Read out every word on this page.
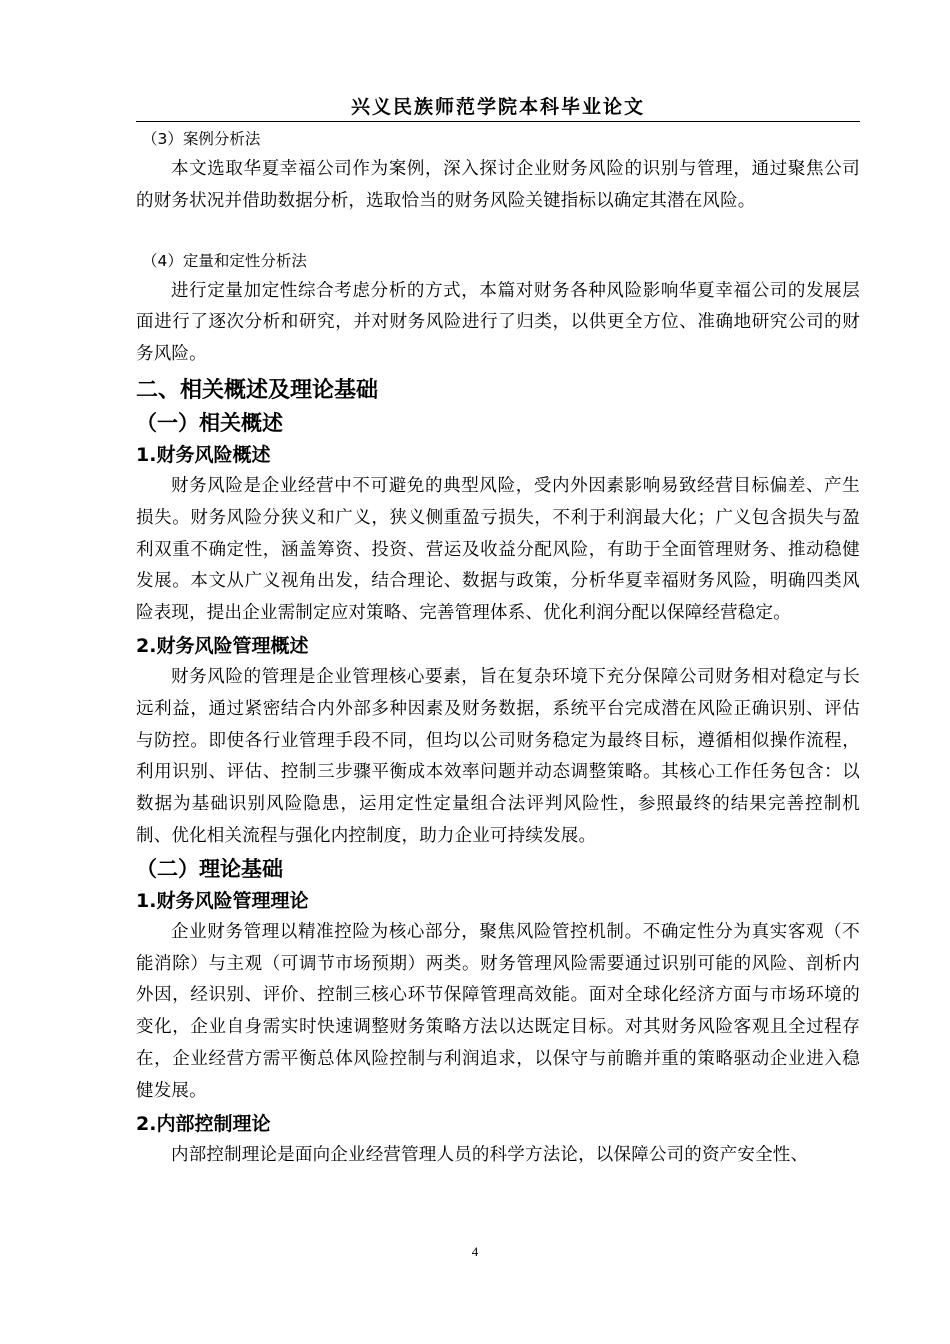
兴义民族师范学院本科毕业论文

（3）案例分析法

本文选取华夏幸福公司作为案例，深入探讨企业财务风险的识别与管理，通过聚焦公司的财务状况并借助数据分析，选取恰当的财务风险关键指标以确定其潜在风险。

（4）定量和定性分析法

进行定量加定性综合考虑分析的方式，本篇对财务各种风险影响华夏幸福公司的发展层面进行了逐次分析和研究，并对财务风险进行了归类，以供更全方位、准确地研究公司的财务风险。

二、相关概述及理论基础

（一）相关概述

1.财务风险概述

财务风险是企业经营中不可避免的典型风险，受内外因素影响易致经营目标偏差、产生损失。财务风险分狭义和广义，狭义侧重盈亏损失，不利于利润最大化；广义包含损失与盈利双重不确定性，涵盖筹资、投资、营运及收益分配风险，有助于全面管理财务、推动稳健发展。本文从广义视角出发，结合理论、数据与政策，分析华夏幸福财务风险，明确四类风险表现，提出企业需制定应对策略、完善管理体系、优化利润分配以保障经营稳定。

2.财务风险管理概述

财务风险的管理是企业管理核心要素，旨在复杂环境下充分保障公司财务相对稳定与长远利益，通过紧密结合内外部多种因素及财务数据，系统平台完成潜在风险正确识别、评估与防控。即使各行业管理手段不同，但均以公司财务稳定为最终目标，遵循相似操作流程，利用识别、评估、控制三步骤平衡成本效率问题并动态调整策略。其核心工作任务包含：以数据为基础识别风险隐患，运用定性定量组合法评判风险性，参照最终的结果完善控制机制、优化相关流程与强化内控制度，助力企业可持续发展。

（二）理论基础

1.财务风险管理理论

企业财务管理以精准控险为核心部分，聚焦风险管控机制。不确定性分为真实客观（不能消除）与主观（可调节市场预期）两类。财务管理风险需要通过识别可能的风险、剖析内外因，经识别、评价、控制三核心环节保障管理高效能。面对全球化经济方面与市场环境的变化，企业自身需实时快速调整财务策略方法以达既定目标。对其财务风险客观且全过程存在，企业经营方需平衡总体风险控制与利润追求，以保守与前瞻并重的策略驱动企业进入稳健发展。

2.内部控制理论

内部控制理论是面向企业经营管理人员的科学方法论，以保障公司的资产安全性、

4
